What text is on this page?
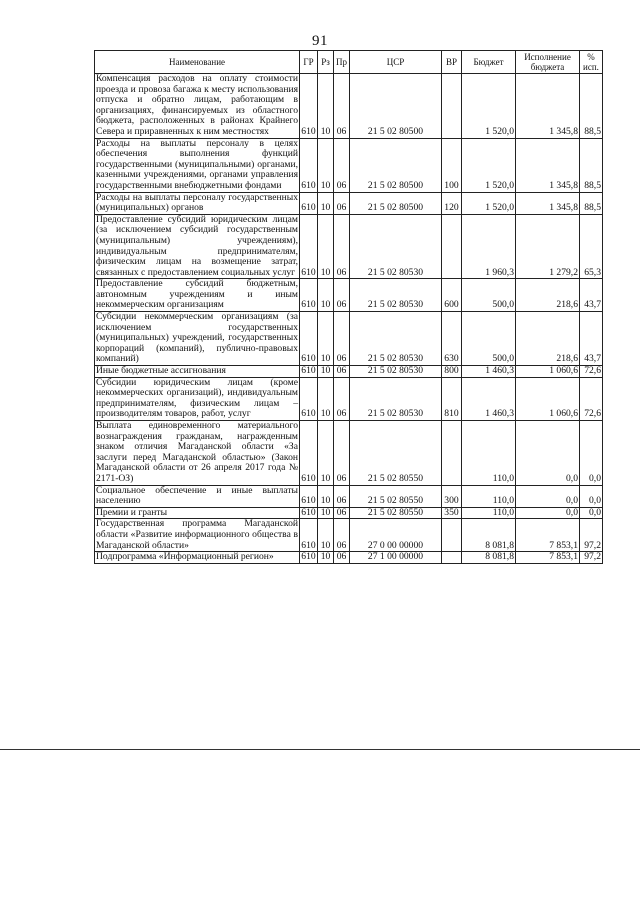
91
Наименование	ГР	Рз	Пр	ЦСР	ВР	Бюджет	Исполнение бюджета	% исп.
Компенсация расходов на оплату стоимости проезда и провоза багажа к месту использования отпуска и обратно лицам, работающим в организациях, финансируемых из областного бюджета, расположенных в районах Крайнего Севера и приравненных к ним местностях	610	10	06	21 5 02 80500		1 520,0	1 345,8	88,5
Расходы на выплаты персоналу в целях обеспечения выполнения функций государственными (муниципальными) органами, казенными учреждениями, органами управления государственными внебюджетными фондами	610	10	06	21 5 02 80500	100	1 520,0	1 345,8	88,5
Расходы на выплаты персоналу государственных (муниципальных) органов	610	10	06	21 5 02 80500	120	1 520,0	1 345,8	88,5
Предоставление субсидий юридическим лицам (за исключением субсидий государственным (муниципальным) учреждениям), индивидуальным предпринимателям, физическим лицам на возмещение затрат, связанных с предоставлением социальных услуг	610	10	06	21 5 02 80530		1 960,3	1 279,2	65,3
Предоставление субсидий бюджетным, автономным учреждениям и иным некоммерческим организациям	610	10	06	21 5 02 80530	600	500,0	218,6	43,7
Субсидии некоммерческим организациям (за исключением государственных (муниципальных) учреждений, государственных корпораций (компаний), публично-правовых компаний)	610	10	06	21 5 02 80530	630	500,0	218,6	43,7
Иные бюджетные ассигнования	610	10	06	21 5 02 80530	800	1 460,3	1 060,6	72,6
Субсидии юридическим лицам (кроме некоммерческих организаций), индивидуальным предпринимателям, физическим лицам – производителям товаров, работ, услуг	610	10	06	21 5 02 80530	810	1 460,3	1 060,6	72,6
Выплата единовременного материального вознаграждения гражданам, награжденным знаком отличия Магаданской области «За заслуги перед Магаданской областью» (Закон Магаданской области от 26 апреля 2017 года № 2171-ОЗ)	610	10	06	21 5 02 80550		110,0	0,0	0,0
Социальное обеспечение и иные выплаты населению	610	10	06	21 5 02 80550	300	110,0	0,0	0,0
Премии и гранты	610	10	06	21 5 02 80550	350	110,0	0,0	0,0
Государственная программа Магаданской области «Развитие информационного общества в Магаданской области»	610	10	06	27 0 00 00000		8 081,8	7 853,1	97,2
Подпрограмма «Информационный регион»	610	10	06	27 1 00 00000		8 081,8	7 853,1	97,2
